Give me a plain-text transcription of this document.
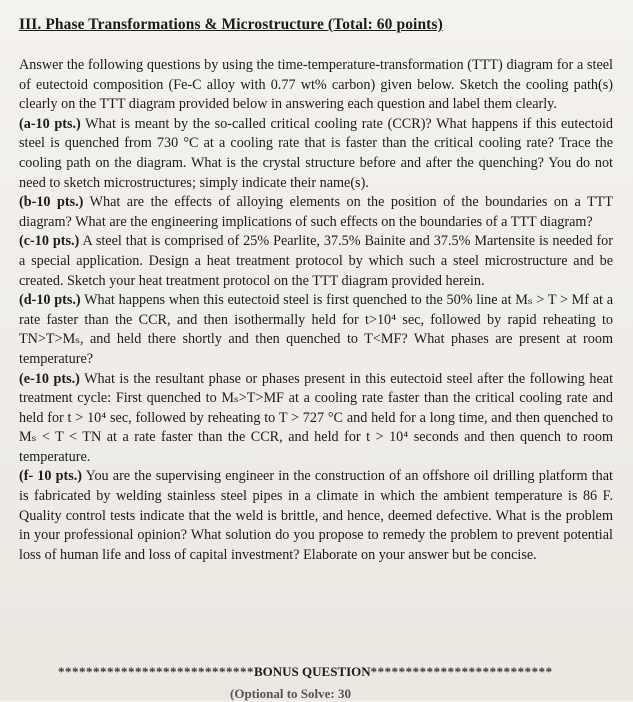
III. Phase Transformations & Microstructure (Total: 60 points)

Answer the following questions by using the time-temperature-transformation (TTT) diagram for a steel of eutectoid composition (Fe-C alloy with 0.77 wt% carbon) given below. Sketch the cooling path(s) clearly on the TTT diagram provided below in answering each question and label them clearly.

(a-10 pts.) What is meant by the so-called critical cooling rate (CCR)? What happens if this eutectoid steel is quenched from 730 °C at a cooling rate that is faster than the critical cooling rate? Trace the cooling path on the diagram. What is the crystal structure before and after the quenching? You do not need to sketch microstructures; simply indicate their name(s).

(b-10 pts.) What are the effects of alloying elements on the position of the boundaries on a TTT diagram? What are the engineering implications of such effects on the boundaries of a TTT diagram?

(c-10 pts.) A steel that is comprised of 25% Pearlite, 37.5% Bainite and 37.5% Martensite is needed for a special application. Design a heat treatment protocol by which such a steel microstructure and be created. Sketch your heat treatment protocol on the TTT diagram provided herein.

(d-10 pts.) What happens when this eutectoid steel is first quenched to the 50% line at Mₛ > T > Mf at a rate faster than the CCR, and then isothermally held for t>10⁴ sec, followed by rapid reheating to TN>T>Mₛ, and held there shortly and then quenched to T<MF? What phases are present at room temperature?

(e-10 pts.) What is the resultant phase or phases present in this eutectoid steel after the following heat treatment cycle: First quenched to Mₛ>T>MF at a cooling rate faster than the critical cooling rate and held for t > 10⁴ sec, followed by reheating to T > 727 °C and held for a long time, and then quenched to Mₛ < T < TN at a rate faster than the CCR, and held for t > 10⁴ seconds and then quench to room temperature.

(f- 10 pts.) You are the supervising engineer in the construction of an offshore oil drilling platform that is fabricated by welding stainless steel pipes in a climate in which the ambient temperature is 86 F. Quality control tests indicate that the weld is brittle, and hence, deemed defective. What is the problem in your professional opinion? What solution do you propose to remedy the problem to prevent potential loss of human life and loss of capital investment? Elaborate on your answer but be concise.

****************************BONUS QUESTION**************************
(Optional to Solve: 30
